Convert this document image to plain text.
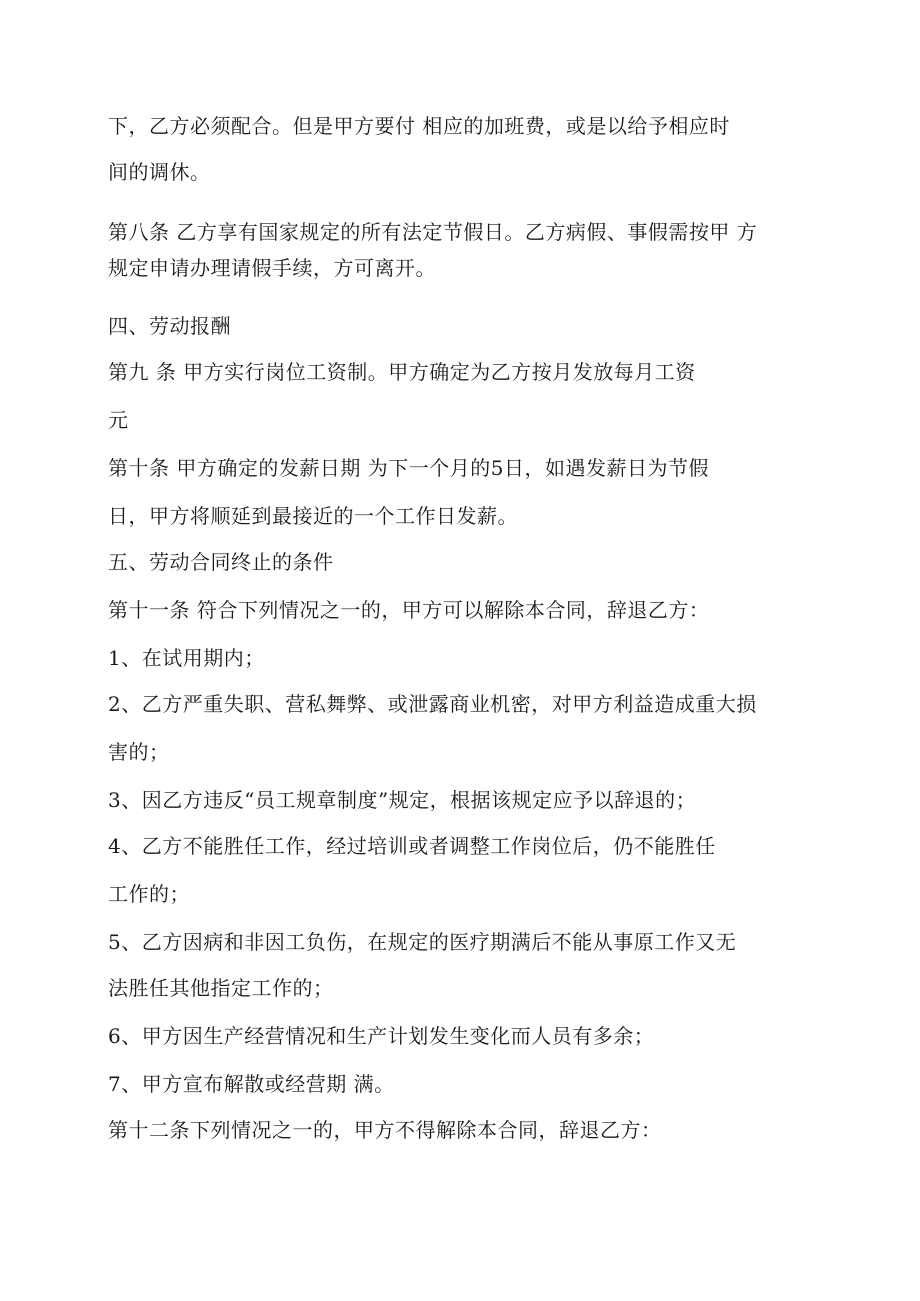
下，乙方必须配合。但是甲方要付 相应的加班费，或是以给予相应时
间的调休。
第八条 乙方享有国家规定的所有法定节假日。乙方病假、事假需按甲 方
规定申请办理请假手续，方可离开。
四、劳动报酬
第九 条 甲方实行岗位工资制。甲方确定为乙方按月发放每月工资
元
第十条 甲方确定的发薪日期 为下一个月的5日，如遇发薪日为节假
日，甲方将顺延到最接近的一个工作日发薪。
五、劳动合同终止的条件
第十一条 符合下列情况之一的，甲方可以解除本合同，辞退乙方：
1、在试用期内；
2、乙方严重失职、营私舞弊、或泄露商业机密，对甲方利益造成重大损
害的；
3、因乙方违反“员工规章制度”规定，根据该规定应予以辞退的；
4、乙方不能胜任工作，经过培训或者调整工作岗位后，仍不能胜任
工作的；
5、乙方因病和非因工负伤，在规定的医疗期满后不能从事原工作又无
法胜任其他指定工作的；
6、甲方因生产经营情况和生产计划发生变化而人员有多余；
7、甲方宣布解散或经营期 满。
第十二条下列情况之一的，甲方不得解除本合同，辞退乙方：
